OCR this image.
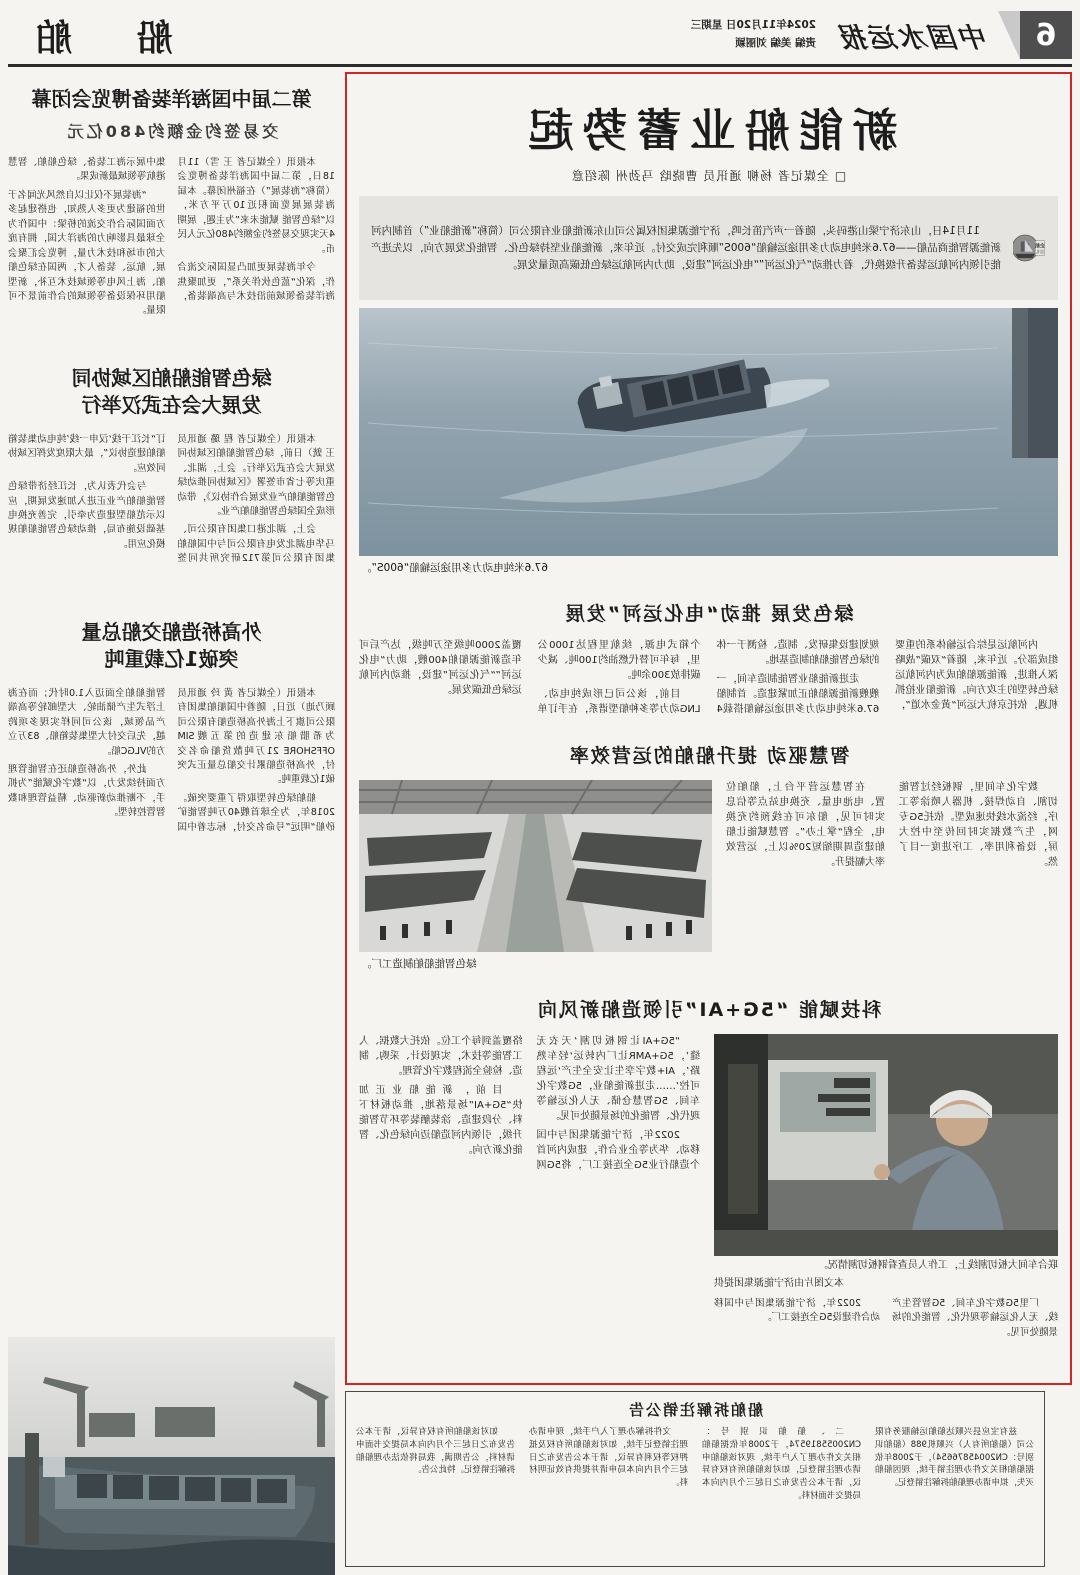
6
中国水运报
2024年11月20日 星期三
责编 美编 刘丽颖
船 舶
新能船业蓄势起
□ 全媒记者 杨柳 通讯员 曹晓晗 马劲州 陈绍意
企航
巡礼

11月14日，山东济宁梁山港码头，随着一声汽笛长鸣，济宁能源集团权属公司山东新能船业有限公司（简称“新能船业”）首制内河新能源智能商品船——67.6米纯电动力多用途运输船“600S”顺利完成交付。近年来，新能船业坚持绿色化、智能化发展方向，以先进产能引领内河航运装备升级换代，着力推动“气化运河”“电化运河”建设，助力内河航运绿色低碳高质量发展。

67.6米纯电动力多用途运输船“600S”。
绿色发展 推动“电化运河”发展

内河航运是综合运输体系的重要组成部分。近年来，随着“双碳”战略深入推进，新能源船舶成为内河航运绿色转型的主攻方向。新能船业抢抓机遇，依托京杭大运河“黄金水道”，规划建设集研发、制造、检测于一体的绿色智能船舶制造基地。

走进新能船业智能制造车间，一艘艘新能源船舶正加紧建造。首制船67.6米纯电动力多用途运输船搭载4个箱式电源，续航里程达1000公里，每年可替代燃油约100吨、减少碳排放300余吨。

目前，该公司已形成纯电动、LNG动力等多种船型谱系，在手订单覆盖2000吨级至万吨级，达产后可年造新能源船舶400艘，助力“电化运河”“气化运河”建设，推动内河航运绿色低碳发展。

智慧驱动 提升船舶的运营效率

数字化车间里，钢板经过智能切割、自动焊接、机器人喷涂等工序，经流水线快速成型。依托5G专网，生产数据实时回传至中控大屏，设备利用率、工序进度一目了然。

在智慧运营平台上，船舶位置、电池电量、充换电站点等信息实时可见，船东可在线预约充换电，全程“掌上办”。智慧赋能让船舶建造周期缩短20%以上，运营效率大幅提升。

绿色智能船舶制造工厂。
科技赋能 “5G+AI”引领造船新风向

联合车间大板切割线上，工作人员查看钢板切割情况。

本文图片由济宁能源集团提供

厂里5G数字化车间、5G智管生产线、无人化运输等现代化、智能化的场景随处可见。

2022年，济宁能源集团与中国移动合作建设5G全连接工厂。

“5G+AI让钢板切割‘天衣无缝’，5G+AMR让厂内转运‘轻车熟路’，AI+数字孪生让安全生产‘远程可控’……走进新能船业，5G数字化车间、5G智慧仓储、无人化运输等现代化、智能化的场景随处可见。

2022年，济宁能源集团与中国移动、华为等企业合作，建成内河首个造船行业5G全连接工厂，将5G网络覆盖到每个工位。依托大数据、人工智能等技术，实现设计、采购、制造、检验全流程数字化管理。

目前，新能船业正加快“5G+AI”场景落地，推动板材下料、分段建造、涂装舾装等环节智能升级，引领内河造船迈向绿色化、智能化新方向。

第二届中国海洋装备博览会闭幕
交易签约金额约480亿元

本报讯（全媒记者 王 雪）11月18日，第二届中国海洋装备博览会（简称“海装展”）在福州闭幕。本届海装展展览面积近10万平方米，以“绿色智能 赋能未来”为主题，展期4天实现交易签约金额约480亿元人民币。

今年海装展更加凸显国际交流合作，深化“蓝色伙伴关系”，更加聚焦海洋装备领域前沿技术与高端装备，集中展示海工装备、绿色船舶、智慧港航等领域最新成果。

“海装展不仅让以自然风光闻名于世的福建为更多人熟知，也搭建起多方面国际合作交流的桥梁：中国作为全球最具影响力的海洋大国，拥有庞大的市场和技术力量，博览会汇聚会展、航运、装备人才，两国在绿色船舶、海上风电等领域技术互补，新型船用环保设备等领域的合作前景不可限量。

绿色智能船舶区域协同
发展大会在武汉举行

本报讯（全媒记者 程 璐 通讯员 王 皝）日前，绿色智能船舶区域协同发展大会在武汉举行。会上，湖北、重庆等七省市签署《区域协同推动绿色智能船舶产业发展合作协议》，带动形成全国绿色智能船舶产业。

会上，湖北港口集团有限公司、马华电湖北发电有限公司与中国船舶集团有限公司第712研究所共同签订“长江干线‘汉申一线’纯电动集装箱船舶建造协议”，最大限度发挥区域协同效应。

与会代表认为，长江经济带绿色智能船舶产业正进入加速发展期，应以示范船型建造为牵引，完善充换电基础设施布局，推动绿色智能船舶规模化应用。

外高桥造船交船总量
突破1亿载重吨

本报讯（全媒记者 黄 玲 通讯员 顾乃迪）近日，随着中国船舶集团有限公司旗下上海外高桥造船有限公司为希腊船东建造的第五艘SIM OFFSHORE 21万吨散货船命名交付，外高桥造船累计交船总量正式突破1亿载重吨。

船舶绿色转型取得了重要突破。2018年，为全球首艘40万吨智能矿砂船“明远”号命名交付，标志着中国智能船舶全面迈入1.0时代；而在海上浮式生产储油轮、大型邮轮等高端产品领域，该公司同样实现多项跨越，先后交付大型集装箱船、83万立方的VLGC船。

此外，外高桥造船还在智能管理方面持续发力，以“数字化赋能”为抓手，不断推动新驱动、精益管理和数智管控转型。

船舶拆解注销公告

兹有宝应县兴顺达船舶运输服务有限公司（船舶所有人）兴顺机988（船舶识别号：CN20045876654），于2008年依据船舶相关文件办理注销手续，现因船舶灭失，拟申请办理船舶拆解注销登记。

二、船舶识别号：CN20055819574，于2008年依据船舶相关文件办理了入户手续，现对该船舶申请办理注销登记，如对该船舶所有权有异议，请于本公告发布之日起三个月内向本局提交书面材料。

文件拆解办理了入户手续，现申请办理注销登记手续，如对该船舶所有权及抵押权等权利有异议，请于本公告发布之日起三个月内向本局申请并提供有效证明材料。

如对该船舶所有权有异议，请于本公告发布之日起三个月内向本局提交书面申请材料，公告期满，我局将依法办理船舶拆解注销登记。特此公告。
